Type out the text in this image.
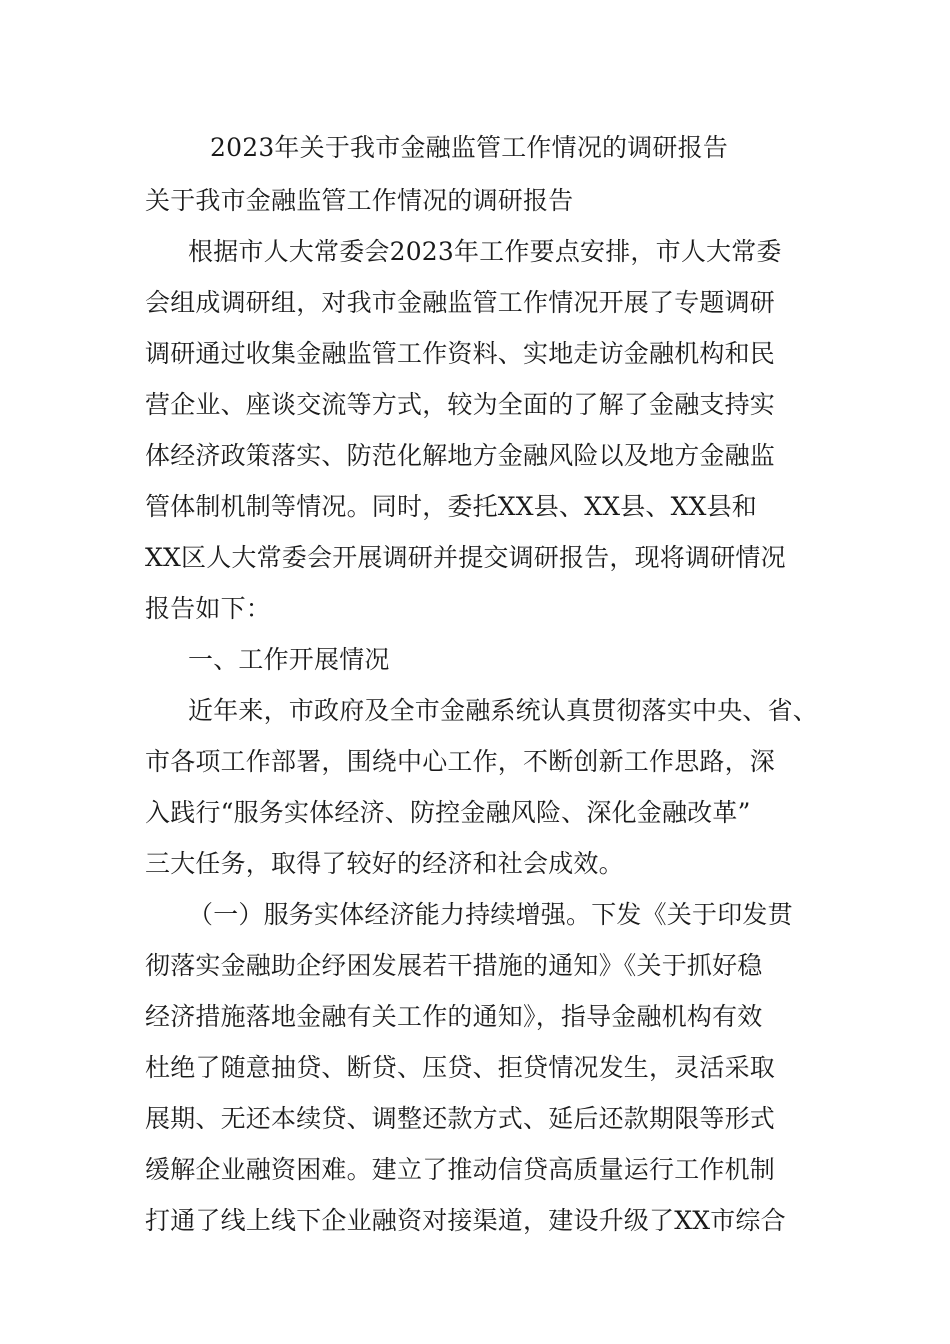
2023年关于我市金融监管工作情况的调研报告
关于我市金融监管工作情况的调研报告
根据市人大常委会2023年工作要点安排，市人大常委
会组成调研组，对我市金融监管工作情况开展了专题调研
调研通过收集金融监管工作资料、实地走访金融机构和民
营企业、座谈交流等方式，较为全面的了解了金融支持实
体经济政策落实、防范化解地方金融风险以及地方金融监
管体制机制等情况。同时，委托XX县、XX县、XX县和
XX区人大常委会开展调研并提交调研报告，现将调研情况
报告如下：
一、工作开展情况
近年来，市政府及全市金融系统认真贯彻落实中央、省、
市各项工作部署，围绕中心工作，不断创新工作思路，深
入践行“服务实体经济、防控金融风险、深化金融改革”
三大任务，取得了较好的经济和社会成效。
（一）服务实体经济能力持续增强。下发《关于印发贯
彻落实金融助企纾困发展若干措施的通知》《关于抓好稳
经济措施落地金融有关工作的通知》，指导金融机构有效
杜绝了随意抽贷、断贷、压贷、拒贷情况发生，灵活采取
展期、无还本续贷、调整还款方式、延后还款期限等形式
缓解企业融资困难。建立了推动信贷高质量运行工作机制
打通了线上线下企业融资对接渠道，建设升级了XX市综合
